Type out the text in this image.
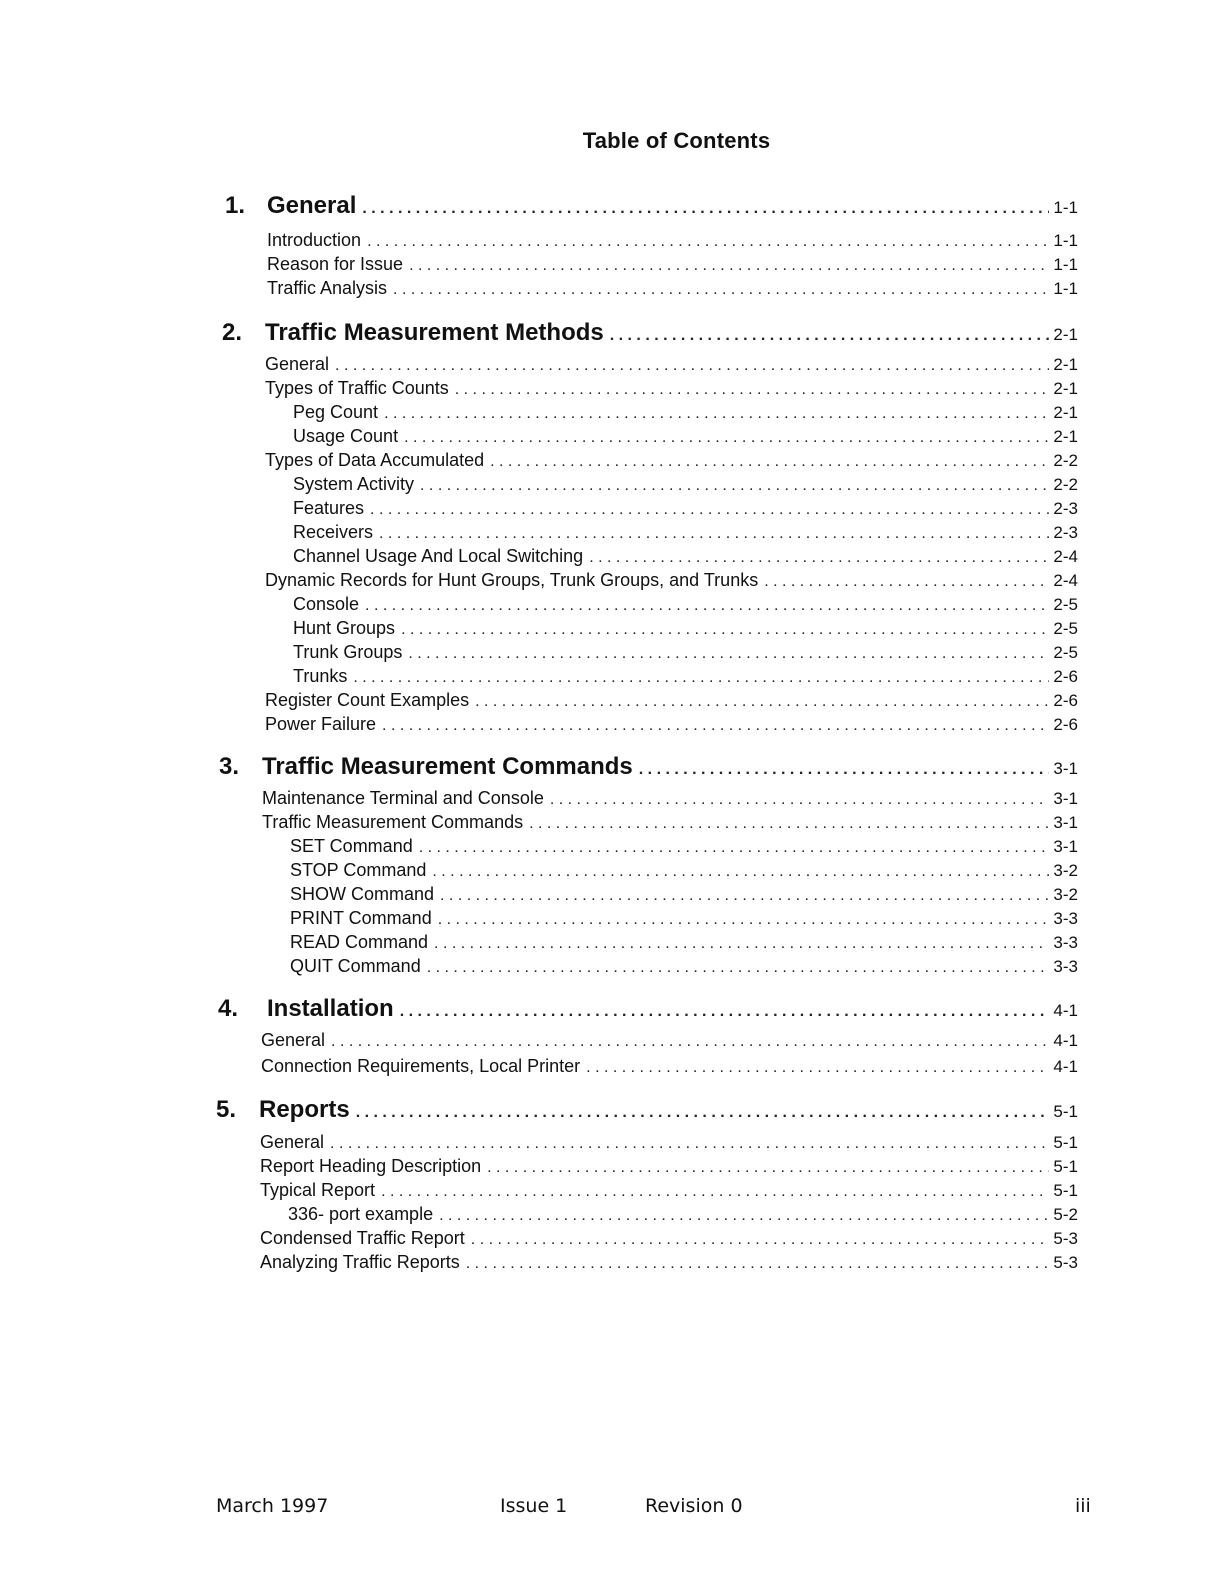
Table of Contents
1. General . . .	1-1
Introduction . . .	1-1
Reason for Issue . . .	1-1
Traffic Analysis . . .	1-1
2. Traffic Measurement Methods . . .	2-1
General . . .	2-1
Types of Traffic Counts . . .	2-1
Peg Count . . .	2-1
Usage Count . . .	2-1
Types of Data Accumulated . . .	2-2
System Activity . . .	2-2
Features . . .	2-3
Receivers . . .	2-3
Channel Usage And Local Switching . . .	2-4
Dynamic Records for Hunt Groups, Trunk Groups, and Trunks . . .	2-4
Console . . .	2-5
Hunt Groups . . .	2-5
Trunk Groups . . .	2-5
Trunks . . .	2-6
Register Count Examples . . .	2-6
Power Failure . . .	2-6
3. Traffic Measurement Commands . . .	3-1
Maintenance Terminal and Console . . .	3-1
Traffic Measurement Commands . . .	3-1
SET Command . . .	3-1
STOP Command . . .	3-2
SHOW Command . . .	3-2
PRINT Command . . .	3-3
READ Command . . .	3-3
QUIT Command . . .	3-3
4. Installation . . .	4-1
General . . .	4-1
Connection Requirements, Local Printer . . .	4-1
5. Reports . . .	5-1
General . . .	5-1
Report Heading Description . . .	5-1
Typical Report . . .	5-1
336- port example . . .	5-2
Condensed Traffic Report . . .	5-3
Analyzing Traffic Reports . . .	5-3
March 1997	Issue 1	Revision 0	iii
